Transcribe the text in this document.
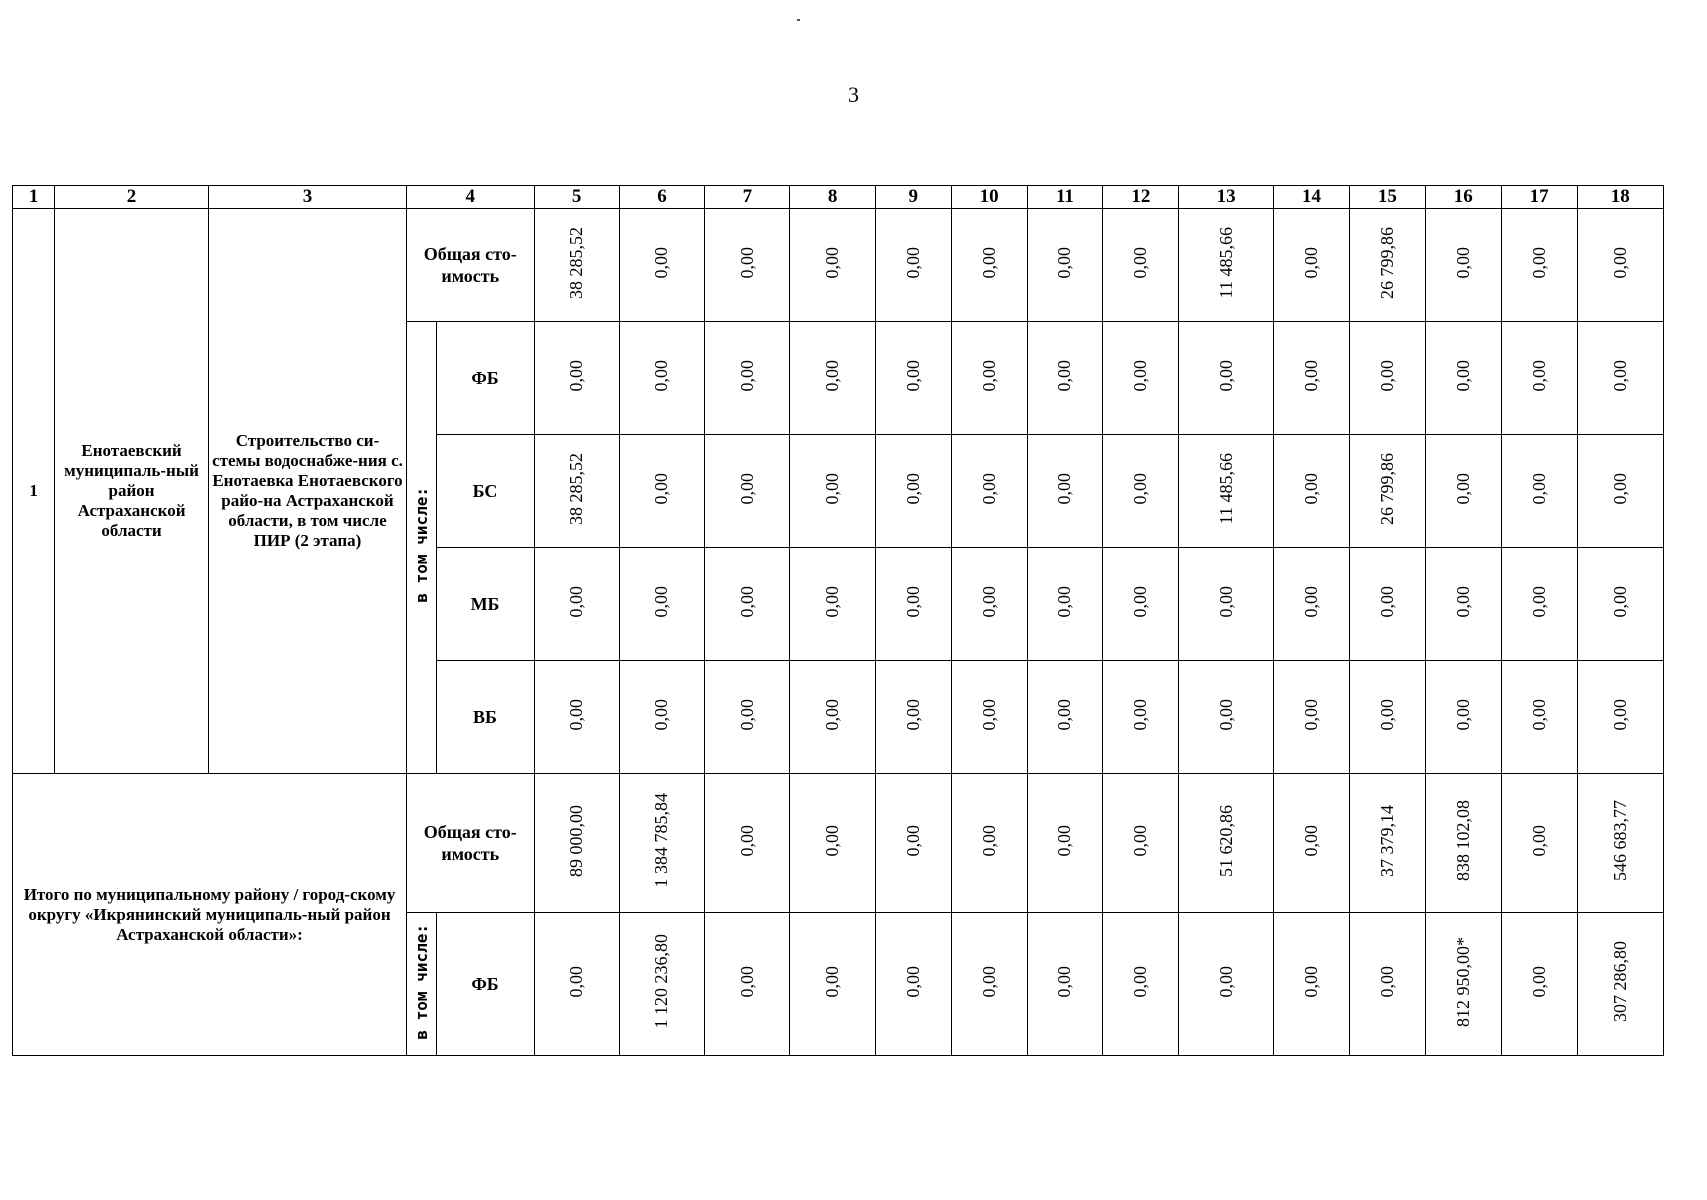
3
1	2	3	4		5	6	7	8	9	10	11	12	13	14	15	16	17	18
1	Енотаевский муниципаль-ный район Астраханской области	Строительство си-стемы водоснабже-ния с. Енотаевка Енотаевского райо-на Астраханской области, в том числе ПИР (2 этапа)	Общая сто-имость		38 285,52	0,00	0,00	0,00	0,00	0,00	0,00	0,00	11 485,66	0,00	26 799,86	0,00	0,00	0,00
			в том числе:	ФБ	0,00	0,00	0,00	0,00	0,00	0,00	0,00	0,00	0,00	0,00	0,00	0,00	0,00	0,00
				БС	38 285,52	0,00	0,00	0,00	0,00	0,00	0,00	0,00	11 485,66	0,00	26 799,86	0,00	0,00	0,00
				МБ	0,00	0,00	0,00	0,00	0,00	0,00	0,00	0,00	0,00	0,00	0,00	0,00	0,00	0,00
				ВБ	0,00	0,00	0,00	0,00	0,00	0,00	0,00	0,00	0,00	0,00	0,00	0,00	0,00	0,00
Итого по муниципальному району / город-скому округу «Икрянинский муниципаль-ный район Астраханской области»:			Общая сто-имость		89 000,00	1 384 785,84	0,00	0,00	0,00	0,00	0,00	0,00	51 620,86	0,00	37 379,14	838 102,08	0,00	546 683,77
			в том числе:	ФБ	0,00	1 120 236,80	0,00	0,00	0,00	0,00	0,00	0,00	0,00	0,00	0,00	812 950,00*	0,00	307 286,80
